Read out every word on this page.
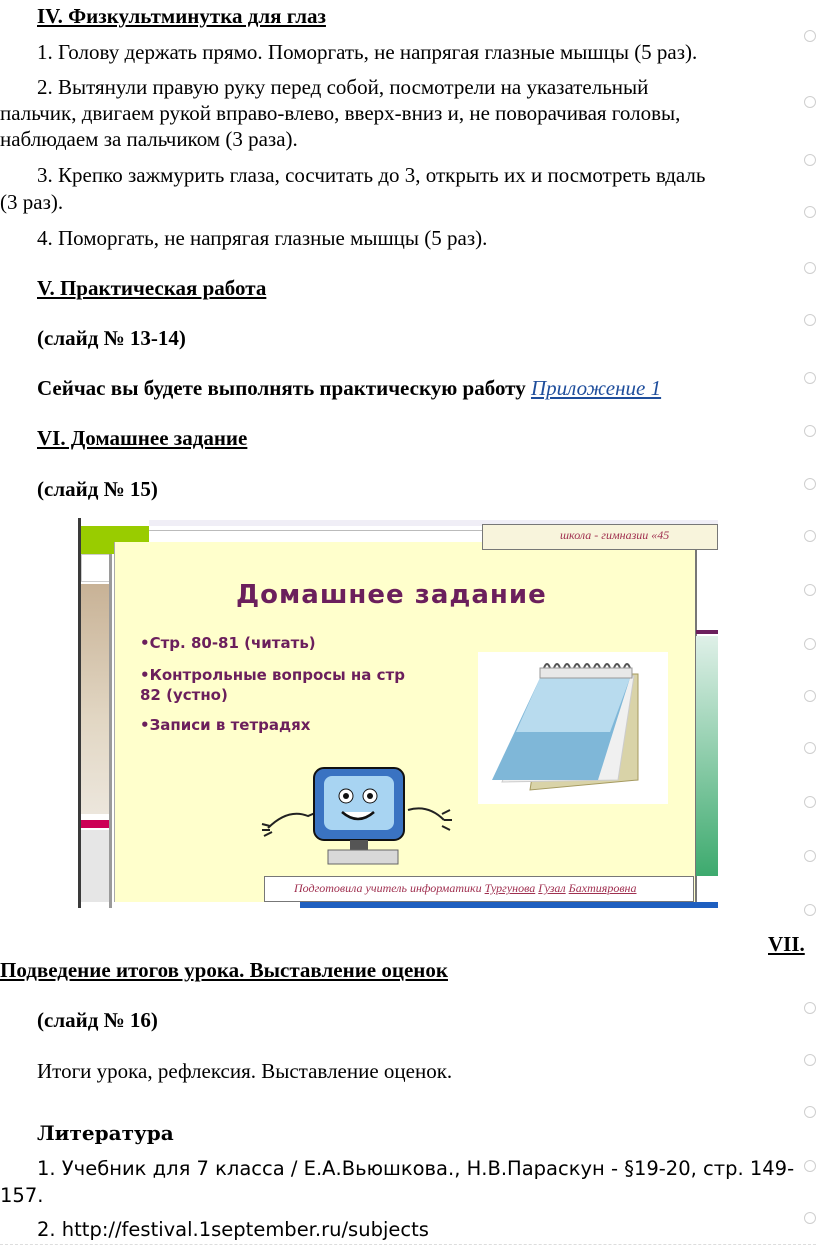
IV. Физкультминутка для глаз
1. Голову держать прямо. Поморгать, не напрягая глазные мышцы (5 раз).
2. Вытянули правую руку перед собой, посмотрели на указательный
пальчик, двигаем рукой вправо-влево, вверх-вниз и, не поворачивая головы,
наблюдаем за пальчиком (3 раза).
3. Крепко зажмурить глаза, сосчитать до 3, открыть их и посмотреть вдаль
(3 раз).
4. Поморгать, не напрягая глазные мышцы (5 раз).
V. Практическая работа
(слайд № 13-14)
Сейчас вы будете выполнять практическую работу Приложение 1
VI. Домашнее задание
(слайд № 15)
школа - гимназии «45
Домашнее задание
•Стр. 80-81 (читать)
•Контрольные вопросы на стр
82 (устно)
•Записи в тетрадях
Подготовила учитель информатики Тургунова Гузал Бахтияровна
VII.
Подведение итогов урока. Выставление оценок
(слайд № 16)
Итоги урока, рефлексия. Выставление оценок.
Литература
1. Учебник для 7 класса / Е.А.Вьюшкова., Н.В.Параскун - §19-20, стр. 149-
157.
2. http://festival.1september.ru/subjects
